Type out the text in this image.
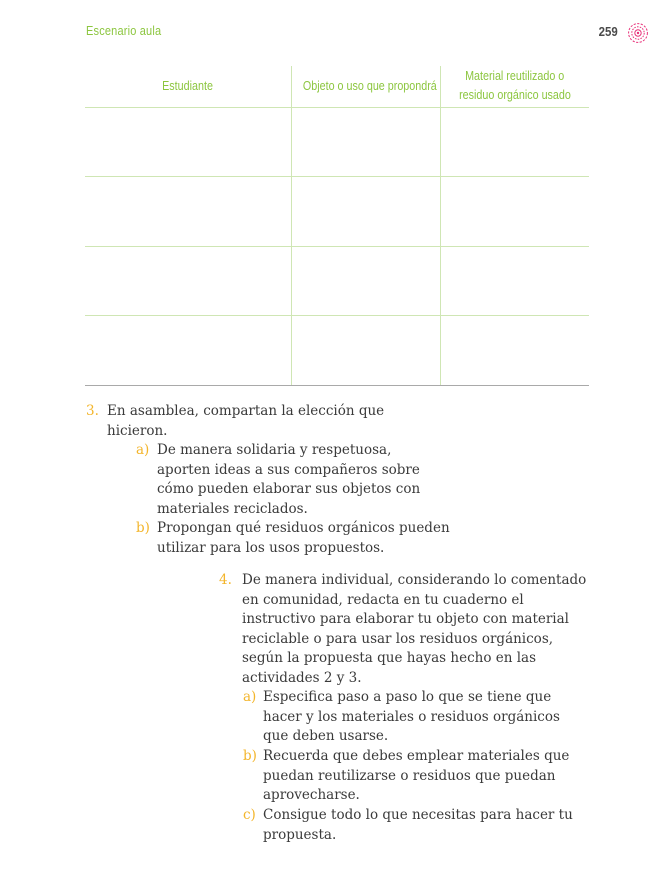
Escenario aula	259
Estudiante	Objeto o uso que propondrá	Material reutilizado o
residuo orgánico usado

3. En asamblea, compartan la elección que
hicieron.
a) De manera solidaria y respetuosa,
aporten ideas a sus compañeros sobre
cómo pueden elaborar sus objetos con
materiales reciclados.
b) Propongan qué residuos orgánicos pueden
utilizar para los usos propuestos.
4. De manera individual, considerando lo comentado
en comunidad, redacta en tu cuaderno el
instructivo para elaborar tu objeto con material
reciclable o para usar los residuos orgánicos,
según la propuesta que hayas hecho en las
actividades 2 y 3.
a) Especifica paso a paso lo que se tiene que
hacer y los materiales o residuos orgánicos
que deben usarse.
b) Recuerda que debes emplear materiales que
puedan reutilizarse o residuos que puedan
aprovecharse.
c) Consigue todo lo que necesitas para hacer tu
propuesta.
